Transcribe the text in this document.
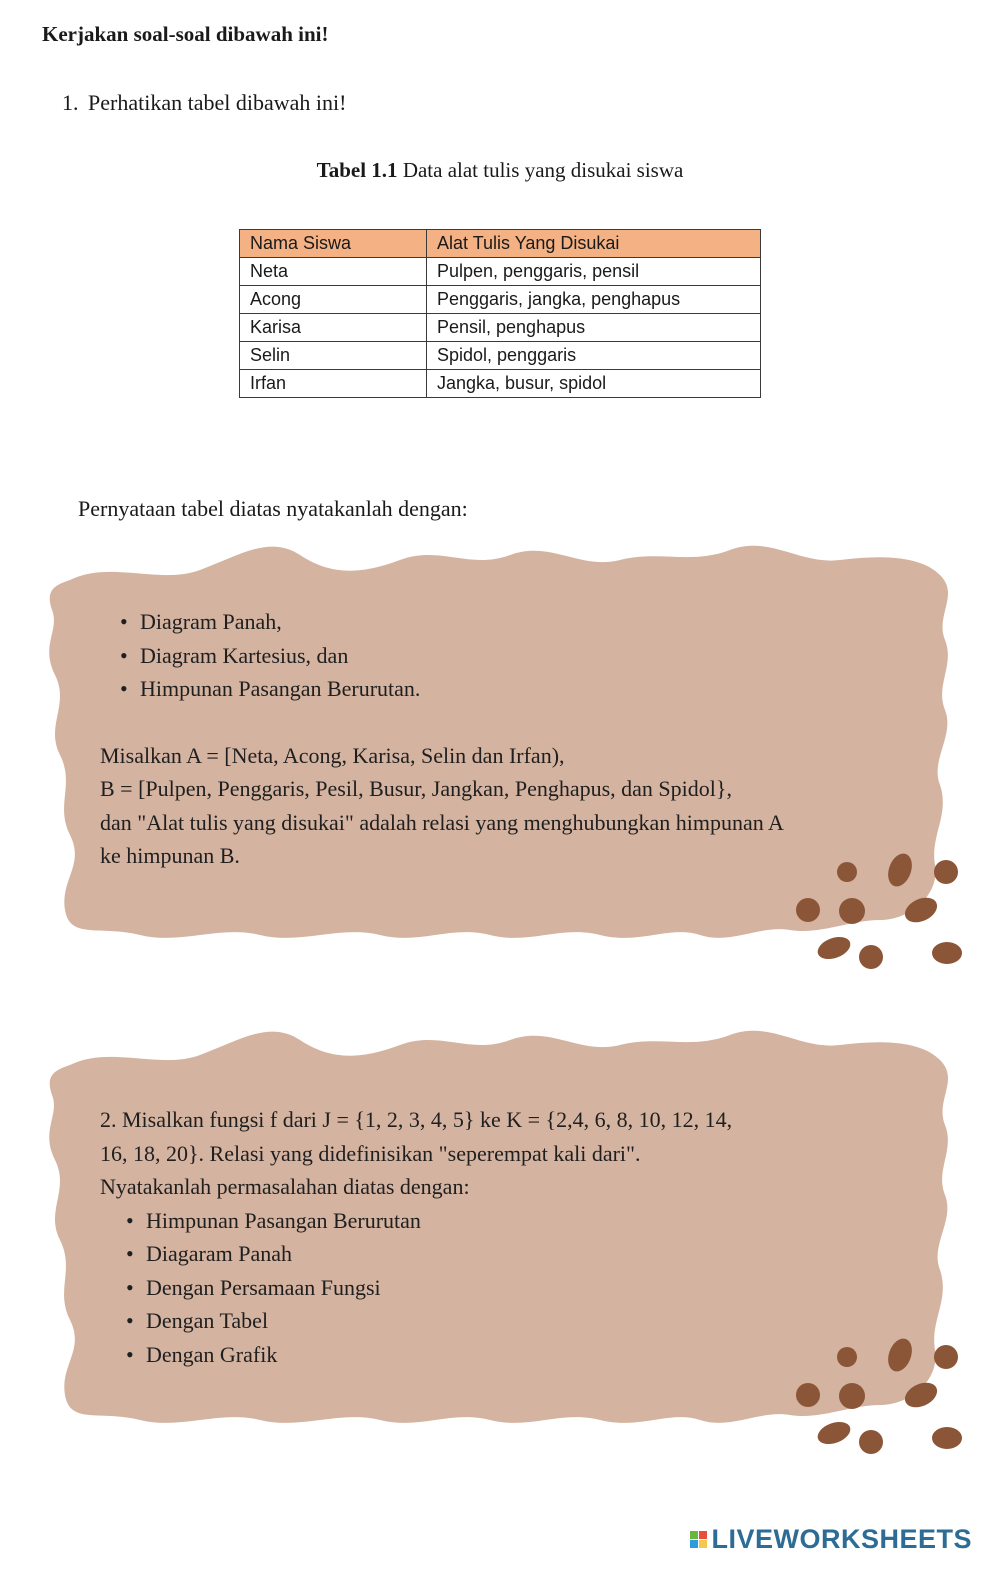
Kerjakan soal-soal dibawah ini!
1. Perhatikan tabel dibawah ini!
Tabel 1.1 Data alat tulis yang disukai siswa
Nama Siswa	Alat Tulis Yang Disukai
Neta	Pulpen, penggaris, pensil
Acong	Penggaris, jangka, penghapus
Karisa	Pensil, penghapus
Selin	Spidol, penggaris
Irfan	Jangka, busur, spidol
Pernyataan tabel diatas nyatakanlah dengan:
• Diagram Panah,
• Diagram Kartesius, dan
• Himpunan Pasangan Berurutan.

Misalkan A = [Neta, Acong, Karisa, Selin dan Irfan),

B = [Pulpen, Penggaris, Pesil, Busur, Jangkan, Penghapus, dan Spidol},

dan "Alat tulis yang disukai" adalah relasi yang menghubungkan himpunan A

ke himpunan B.

2. Misalkan fungsi f dari J = {1, 2, 3, 4, 5} ke K = {2,4, 6, 8, 10, 12, 14,

16, 18, 20}. Relasi yang didefinisikan "seperempat kali dari".

Nyatakanlah permasalahan diatas dengan:

• Himpunan Pasangan Berurutan
• Diagaram Panah
• Dengan Persamaan Fungsi
• Dengan Tabel
• Dengan Grafik
LIVEWORKSHEETS
